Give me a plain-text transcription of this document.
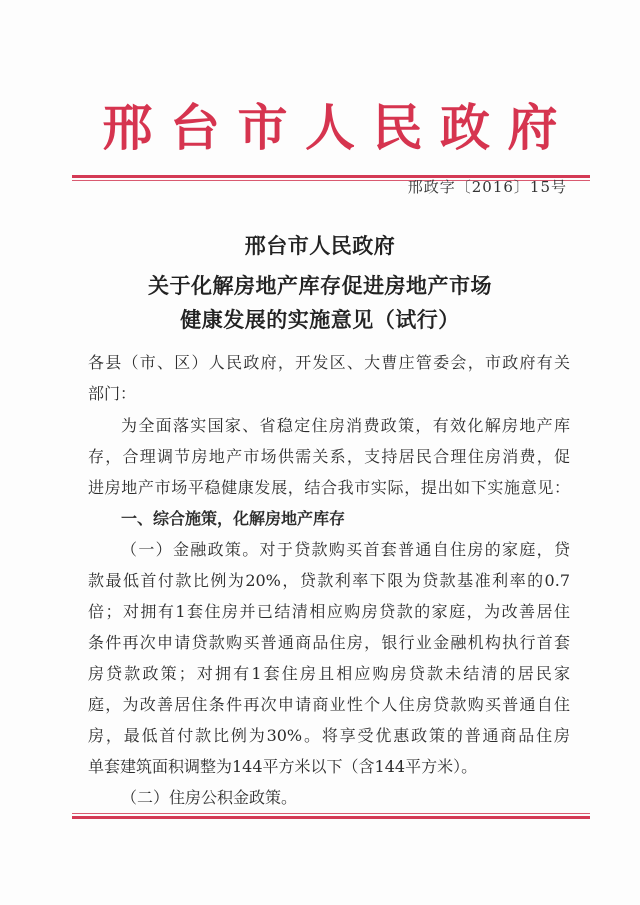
邢 台 市 人 民 政 府
邢政字〔2016〕15号
邢台市人民政府
关于化解房地产库存促进房地产市场
健康发展的实施意见（试行）
各县（市、区）人民政府，开发区、大曹庄管委会，市政府有关
部门：
为全面落实国家、省稳定住房消费政策，有效化解房地产库
存，合理调节房地产市场供需关系，支持居民合理住房消费，促
进房地产市场平稳健康发展，结合我市实际，提出如下实施意见：
一、综合施策，化解房地产库存
（一）金融政策。对于贷款购买首套普通自住房的家庭，贷
款最低首付款比例为20%，贷款利率下限为贷款基准利率的0.7
倍；对拥有1套住房并已结清相应购房贷款的家庭，为改善居住
条件再次申请贷款购买普通商品住房，银行业金融机构执行首套
房贷款政策；对拥有1套住房且相应购房贷款未结清的居民家
庭，为改善居住条件再次申请商业性个人住房贷款购买普通自住
房，最低首付款比例为30%。将享受优惠政策的普通商品住房
单套建筑面积调整为144平方米以下（含144平方米）。
（二）住房公积金政策。
